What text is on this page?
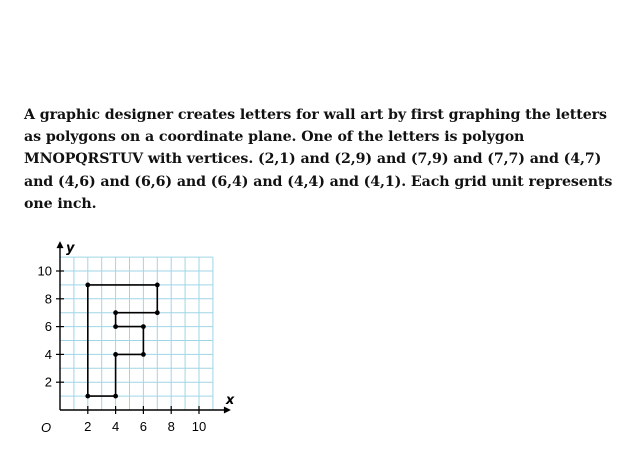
A graphic designer creates letters for wall art by first graphing the letters as polygons on a coordinate plane. One of the letters is polygon MNOPQRSTUV with vertices. (2,1) and (2,9) and (7,9) and (7,7) and (4,7) and (4,6) and (6,6) and (6,4) and (4,4) and (4,1). Each grid unit represents one inch.

2 4 6 8 10
2
4
6
8
10
x
y
O
